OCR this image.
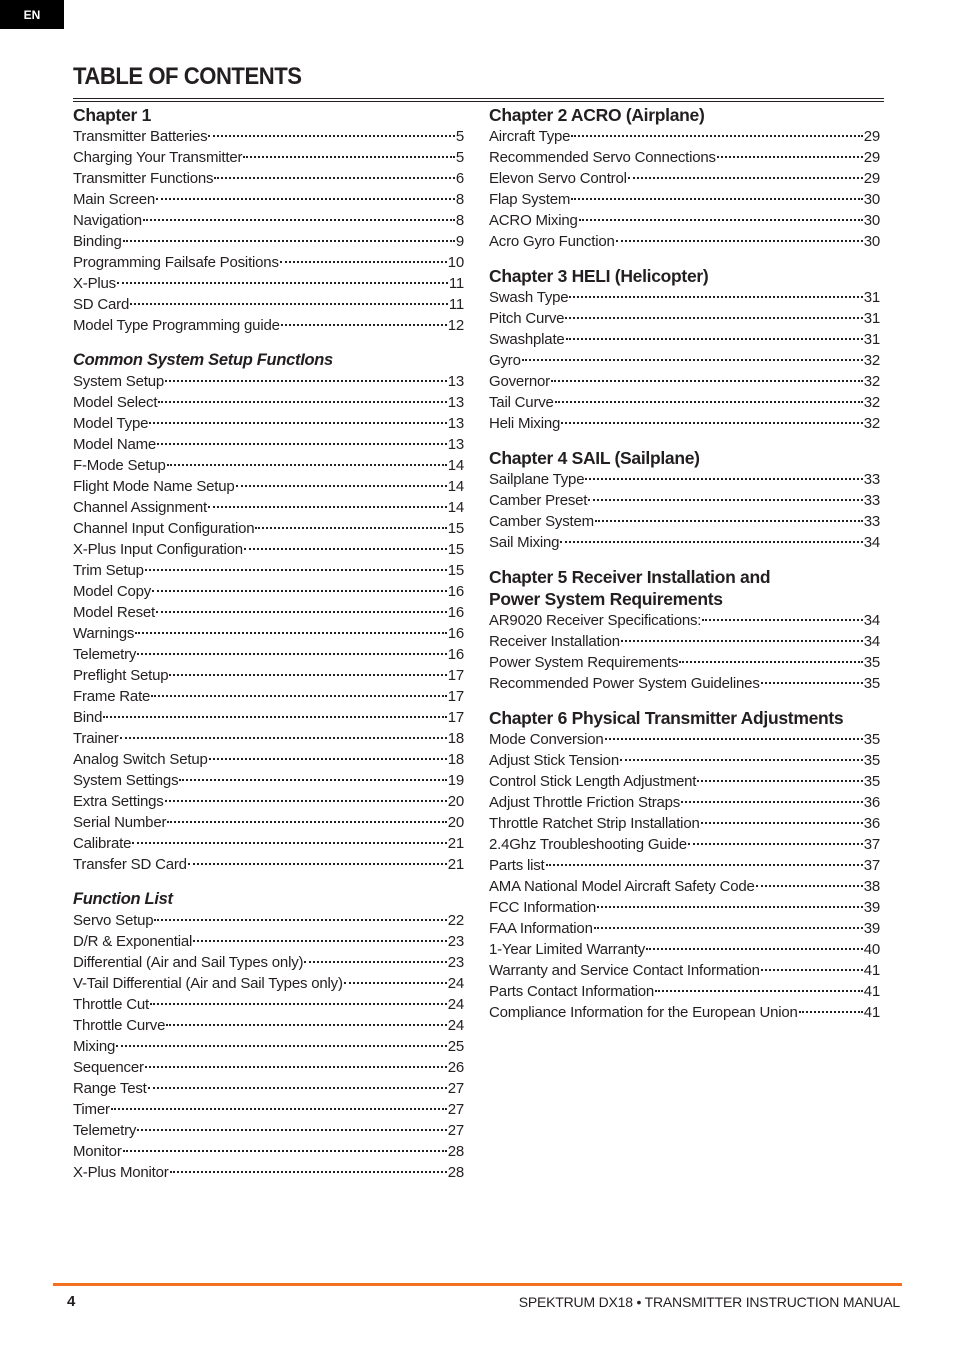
EN
TABLE OF CONTENTS
Chapter 1
Transmitter Batteries	5
Charging Your Transmitter	5
Transmitter Functions	6
Main Screen	8
Navigation	8
Binding	9
Programming Failsafe Positions	10
X-Plus	11
SD Card	11
Model Type Programming guide	12
Common System Setup FunctIons
System Setup	13
Model Select	13
Model Type	13
Model Name	13
F-Mode Setup	14
Flight Mode Name Setup	14
Channel Assignment	14
Channel Input Configuration	15
X-Plus Input Configuration	15
Trim Setup	15
Model Copy	16
Model Reset	16
Warnings	16
Telemetry	16
Preflight Setup	17
Frame Rate	17
Bind	17
Trainer	18
Analog Switch Setup	18
System Settings	19
Extra Settings	20
Serial Number	20
Calibrate	21
Transfer SD Card	21
Function List
Servo Setup	22
D/R & Exponential	23
Differential (Air and Sail Types only)	23
V-Tail Differential (Air and Sail Types only)	24
Throttle Cut	24
Throttle Curve	24
Mixing	25
Sequencer	26
Range Test	27
Timer	27
Telemetry	27
Monitor	28
X-Plus Monitor	28
Chapter 2 ACRO (Airplane)
Aircraft Type	29
Recommended Servo Connections	29
Elevon Servo Control	29
Flap System	30
ACRO Mixing	30
Acro Gyro Function	30
Chapter 3 HELI (Helicopter)
Swash Type	31
Pitch Curve	31
Swashplate	31
Gyro	32
Governor	32
Tail Curve	32
Heli Mixing	32
Chapter 4 SAIL (Sailplane)
Sailplane Type	33
Camber Preset	33
Camber System	33
Sail Mixing	34
Chapter 5 Receiver Installation and
Power System Requirements
AR9020 Receiver Specifications:	34
Receiver Installation	34
Power System Requirements	35
Recommended Power System Guidelines	35
Chapter 6 Physical Transmitter Adjustments
Mode Conversion	35
Adjust Stick Tension	35
Control Stick Length Adjustment	35
Adjust Throttle Friction Straps	36
Throttle Ratchet Strip Installation	36
2.4Ghz Troubleshooting Guide	37
Parts list	37
AMA National Model Aircraft Safety Code	38
FCC Information	39
FAA Information	39
1-Year Limited Warranty	40
Warranty and Service Contact Information	41
Parts Contact Information	41
Compliance Information for the European Union	41
4	SPEKTRUM DX18 • TRANSMITTER INSTRUCTION MANUAL
